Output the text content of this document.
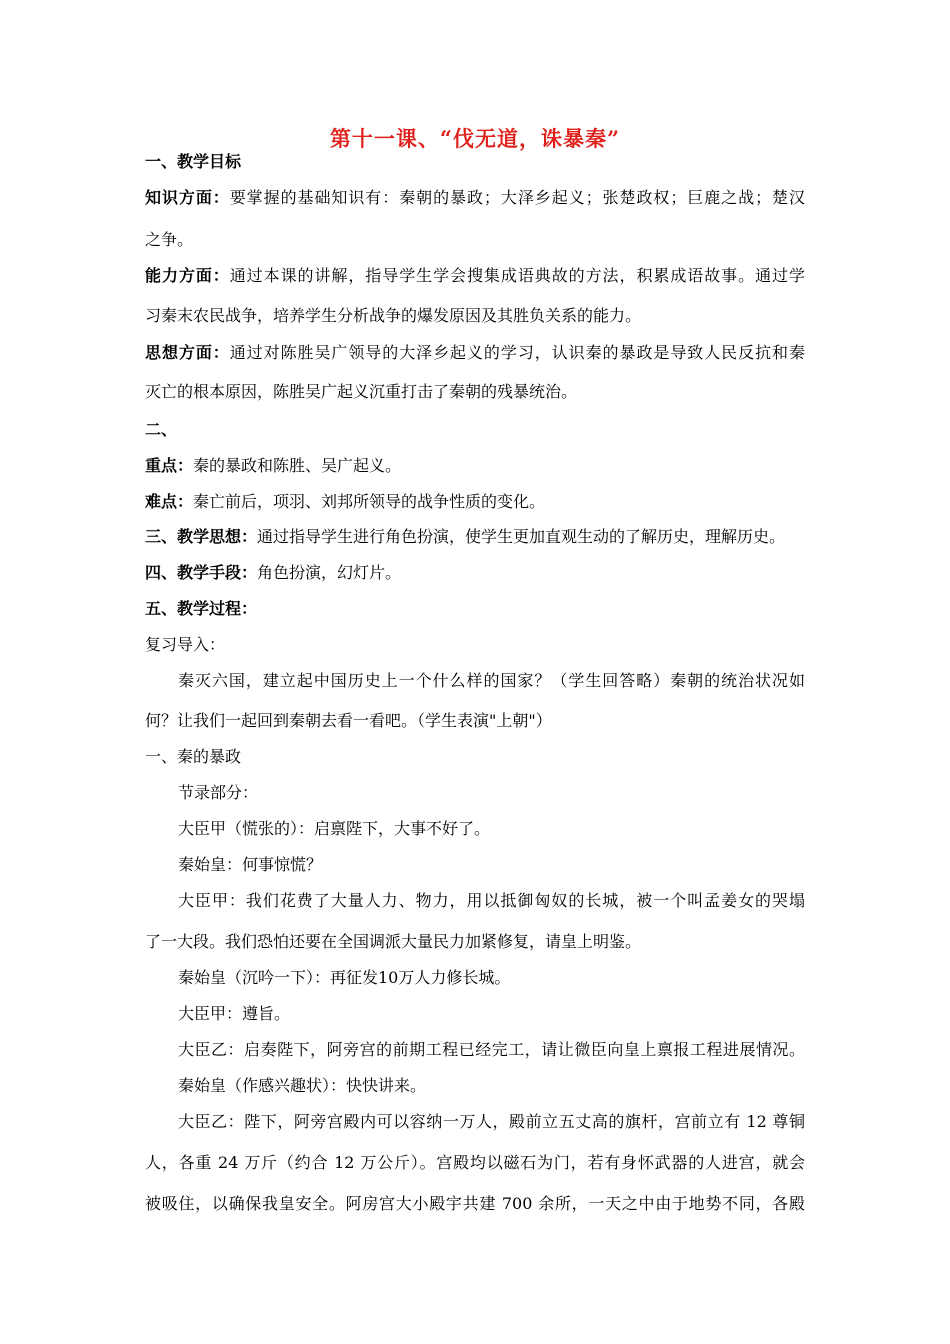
第十一课、“伐无道，诛暴秦”
一、教学目标
知识方面：要掌握的基础知识有：秦朝的暴政；大泽乡起义；张楚政权；巨鹿之战；楚汉
之争。
能力方面：通过本课的讲解，指导学生学会搜集成语典故的方法，积累成语故事。通过学
习秦末农民战争，培养学生分析战争的爆发原因及其胜负关系的能力。
思想方面：通过对陈胜吴广领导的大泽乡起义的学习，认识秦的暴政是导致人民反抗和秦
灭亡的根本原因，陈胜吴广起义沉重打击了秦朝的残暴统治。
二、
重点：秦的暴政和陈胜、吴广起义。
难点：秦亡前后，项羽、刘邦所领导的战争性质的变化。
三、教学思想：通过指导学生进行角色扮演，使学生更加直观生动的了解历史，理解历史。
四、教学手段：角色扮演，幻灯片。
五、教学过程：
复习导入：
秦灭六国，建立起中国历史上一个什么样的国家？（学生回答略）秦朝的统治状况如
何？让我们一起回到秦朝去看一看吧。（学生表演"上朝"）
一、秦的暴政
节录部分：
大臣甲（慌张的）：启禀陛下，大事不好了。
秦始皇：何事惊慌？
大臣甲：我们花费了大量人力、物力，用以抵御匈奴的长城，被一个叫孟姜女的哭塌
了一大段。我们恐怕还要在全国调派大量民力加紧修复，请皇上明鉴。
秦始皇（沉吟一下）：再征发10万人力修长城。
大臣甲：遵旨。
大臣乙：启奏陛下，阿旁宫的前期工程已经完工，请让微臣向皇上禀报工程进展情况。
秦始皇（作感兴趣状）：快快讲来。
大臣乙：陛下，阿旁宫殿内可以容纳一万人，殿前立五丈高的旗杆，宫前立有 12 尊铜
人，各重 24 万斤（约合 12 万公斤）。宫殿均以磁石为门，若有身怀武器的人进宫，就会
被吸住，以确保我皇安全。阿房宫大小殿宇共建 700 余所，一天之中由于地势不同，各殿
